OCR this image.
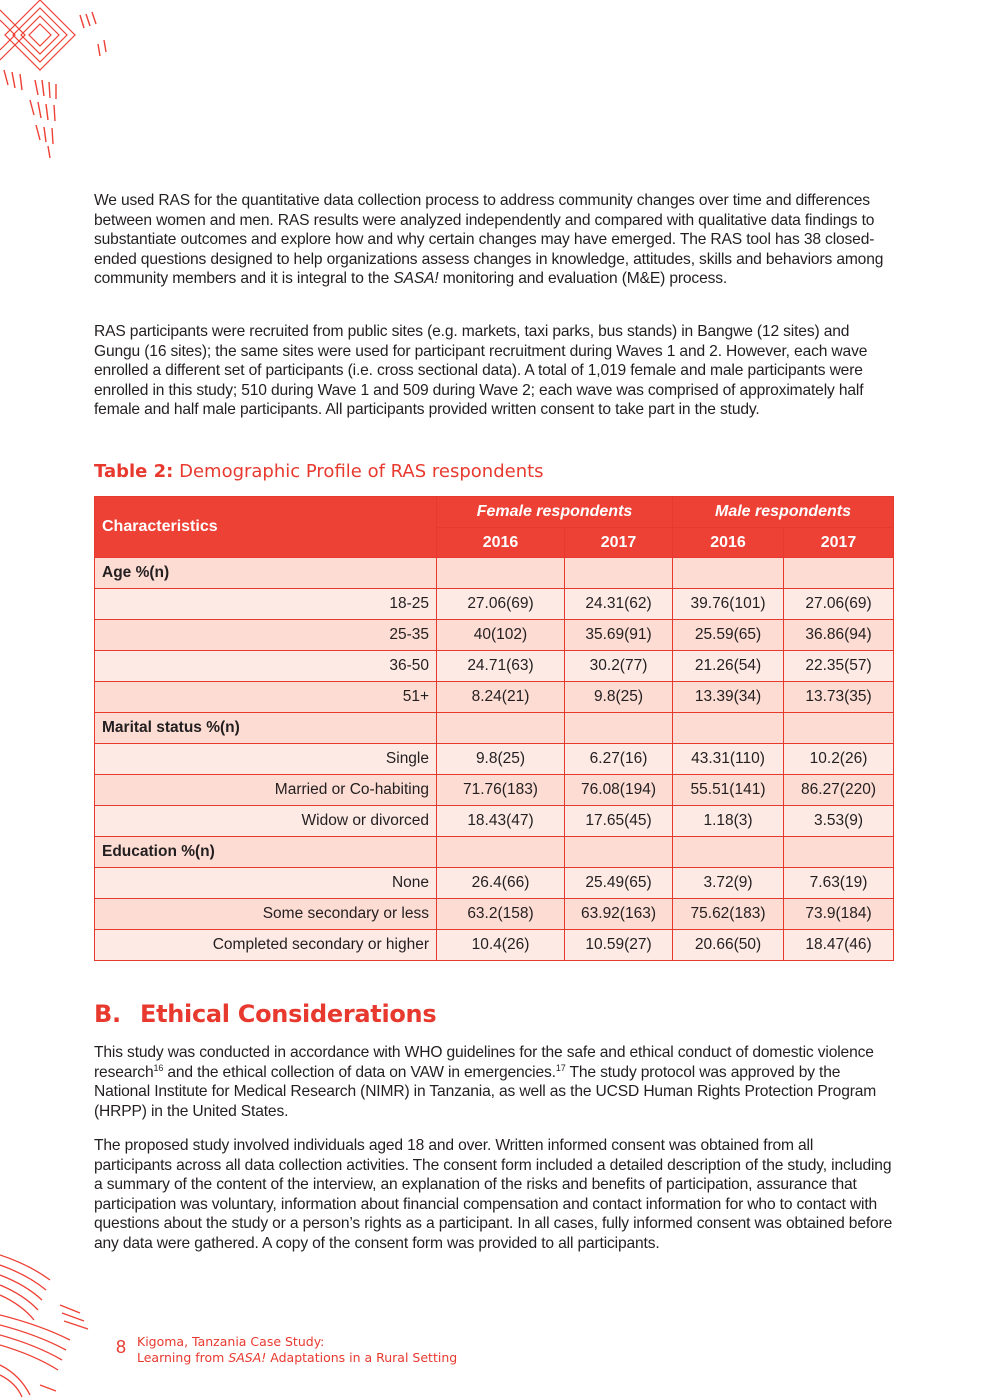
We used RAS for the quantitative data collection process to address community changes over time and differences between women and men. RAS results were analyzed independently and compared with qualitative data findings to substantiate outcomes and explore how and why certain changes may have emerged. The RAS tool has 38 closed-ended questions designed to help organizations assess changes in knowledge, attitudes, skills and behaviors among community members and it is integral to the SASA! monitoring and evaluation (M&E) process.

RAS participants were recruited from public sites (e.g. markets, taxi parks, bus stands) in Bangwe (12 sites) and Gungu (16 sites); the same sites were used for participant recruitment during Waves 1 and 2. However, each wave enrolled a different set of participants (i.e. cross sectional data). A total of 1,019 female and male participants were enrolled in this study; 510 during Wave 1 and 509 during Wave 2; each wave was comprised of approximately half female and half male participants. All participants provided written consent to take part in the study.

Table 2: Demographic Profile of RAS respondents
Characteristics	Female respondents		Male respondents	
	2016	2017	2016	2017
Age %(n)				
18-25	27.06(69)	24.31(62)	39.76(101)	27.06(69)
25-35	40(102)	35.69(91)	25.59(65)	36.86(94)
36-50	24.71(63)	30.2(77)	21.26(54)	22.35(57)
51+	8.24(21)	9.8(25)	13.39(34)	13.73(35)
Marital status %(n)				
Single	9.8(25)	6.27(16)	43.31(110)	10.2(26)
Married or Co-habiting	71.76(183)	76.08(194)	55.51(141)	86.27(220)
Widow or divorced	18.43(47)	17.65(45)	1.18(3)	3.53(9)
Education %(n)				
None	26.4(66)	25.49(65)	3.72(9)	7.63(19)
Some secondary or less	63.2(158)	63.92(163)	75.62(183)	73.9(184)
Completed secondary or higher	10.4(26)	10.59(27)	20.66(50)	18.47(46)
B. Ethical Considerations

This study was conducted in accordance with WHO guidelines for the safe and ethical conduct of domestic violence research$^{16}$ and the ethical collection of data on VAW in emergencies.$^{17}$ The study protocol was approved by the National Institute for Medical Research (NIMR) in Tanzania, as well as the UCSD Human Rights Protection Program (HRPP) in the United States.

The proposed study involved individuals aged 18 and over. Written informed consent was obtained from all participants across all data collection activities. The consent form included a detailed description of the study, including a summary of the content of the interview, an explanation of the risks and benefits of participation, assurance that participation was voluntary, information about financial compensation and contact information for who to contact with questions about the study or a person’s rights as a participant. In all cases, fully informed consent was obtained before any data were gathered. A copy of the consent form was provided to all participants.

8 Kigoma, Tanzania Case Study:
Learning from SASA! Adaptations in a Rural Setting
